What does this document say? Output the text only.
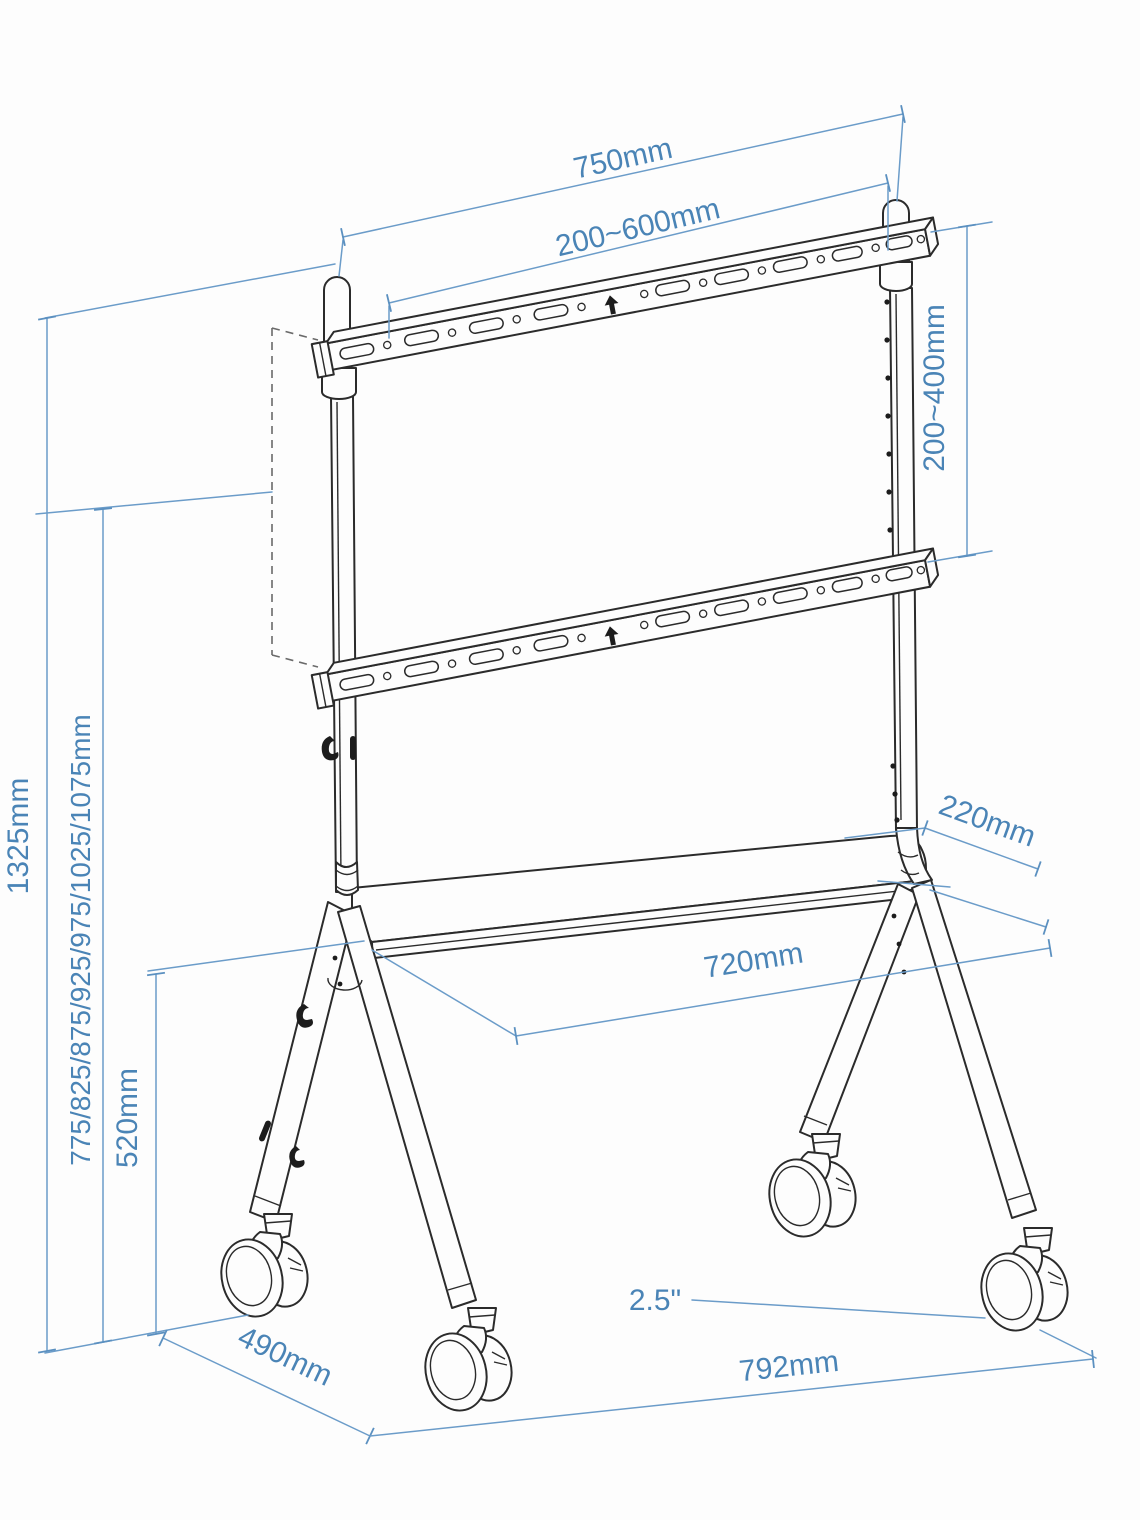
750mm
200~600mm
200~400mm
1325mm 775/825/875/925/975/1025/1075mm 520mm
220mm
720mm
490mm	792mm
2.5"
